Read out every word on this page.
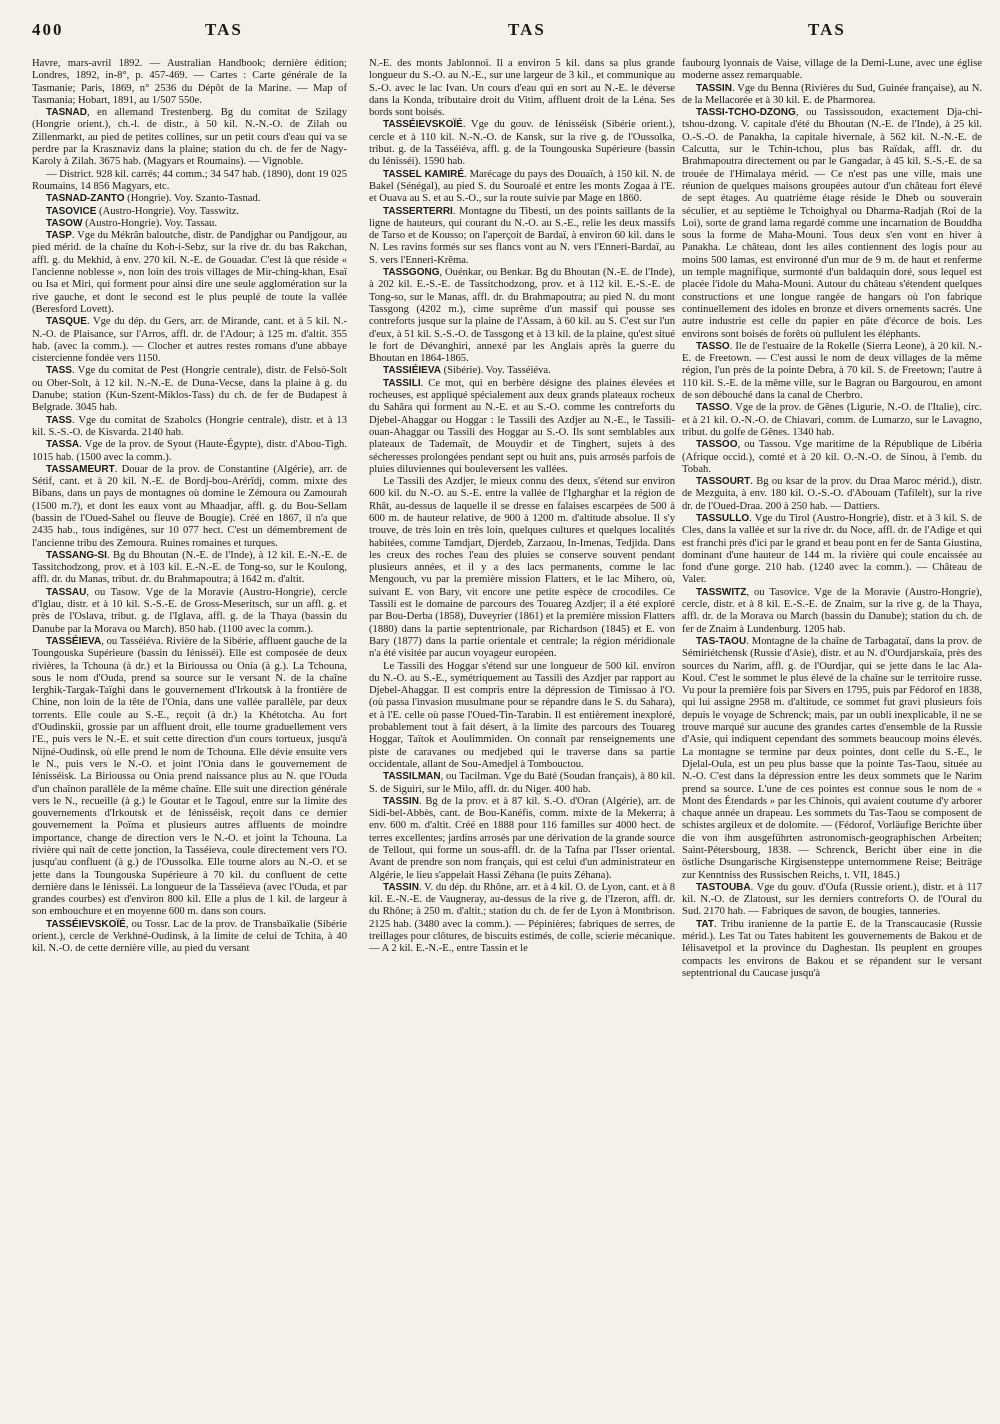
400	TAS	TAS	TAS

Havre, mars-avril 1892. — Australian Handbook; dernière édition; Londres, 1892, in-8°, p. 457-469. — Cartes : Carte générale de la Tasmanie; Paris, 1869, n° 2536 du Dépôt de la Marine. — Map of Tasmania; Hobart, 1891, au 1/507 550e.

TASNAD, en allemand Trestenberg. Bg du comitat de Szilagy (Hongrie orient.), ch.-l. de distr., à 50 kil. N.-N.-O. de Zilah ou Zillenmarkt, au pied de petites collines, sur un petit cours d'eau qui va se perdre par la Krasznaviz dans la plaine; station du ch. de fer de Nagy-Karoly à Zilah. 3675 hab. (Magyars et Roumains). — Vignoble.

— District. 928 kil. carrés; 44 comm.; 34 547 hab. (1890), dont 19 025 Roumains, 14 856 Magyars, etc.

TASNAD-ZANTO (Hongrie). Voy. Szanto-Tasnad.

TASOVICE (Austro-Hongrie). Voy. Tasswitz.

TASOW (Austro-Hongrie). Voy. Tassau.

TASP. Vge du Mékrân baloutche, distr. de Pandjghar ou Pandjgour, au pied mérid. de la chaîne du Koh-i-Sebz, sur la rive dr. du bas Rakchan, affl. g. du Mekhid, à env. 270 kil. N.-E. de Gouadar. C'est là que réside « l'ancienne noblesse », non loin des trois villages de Mir-ching-khan, Esaï ou Isa et Miri, qui forment pour ainsi dire une seule agglomération sur la rive gauche, et dont le second est le plus peuplé de toute la vallée (Beresford Lovett).

TASQUE. Vge du dép. du Gers, arr. de Mirande, cant. et à 5 kil. N.-N.-O. de Plaisance, sur l'Arros, affl. dr. de l'Adour; à 125 m. d'altit. 355 hab. (avec la comm.). — Clocher et autres restes romans d'une abbaye cistercienne fondée vers 1150.

TASS. Vge du comitat de Pest (Hongrie centrale), distr. de Felsö-Solt ou Ober-Solt, à 12 kil. N.-N.-E. de Duna-Vecse, dans la plaine à g. du Danube; station (Kun-Szent-Miklos-Tass) du ch. de fer de Budapest à Belgrade. 3045 hab.

TASS. Vge du comitat de Szabolcs (Hongrie centrale), distr. et à 13 kil. S.-S.-O. de Kisvarda. 2140 hab.

TASSA. Vge de la prov. de Syout (Haute-Égypte), distr. d'Abou-Tigh. 1015 hab. (1500 avec la comm.).

TASSAMEURT. Douar de la prov. de Constantine (Algérie), arr. de Sétif, cant. et à 20 kil. N.-E. de Bordj-bou-Arérîdj, comm. mixte des Bibans, dans un pays de montagnes où domine le Zémoura ou Zamourah (1500 m.?), et dont les eaux vont au Mhaadjar, affl. g. du Bou-Sellam (bassin de l'Oued-Sahel ou fleuve de Bougie). Créé en 1867, il n'a que 2435 hab., tous indigènes, sur 10 077 hect. C'est un démembrement de l'ancienne tribu des Zemoura. Ruines romaines et turques.

TASSANG-SI. Bg du Bhoutan (N.-E. de l'Inde), à 12 kil. E.-N.-E. de Tassitchodzong, prov. et à 103 kil. E.-N.-E. de Tong-so, sur le Koulong, affl. dr. du Manas, tribut. dr. du Brahmapoutra; à 1642 m. d'altit.

TASSAU, ou Tasow. Vge de la Moravie (Austro-Hongrie), cercle d'Iglau, distr. et à 10 kil. S.-S.-E. de Gross-Meseritsch, sur un affl. g. et près de l'Oslava, tribut. g. de l'Iglava, affl. g. de la Thaya (bassin du Danube par la Morava ou March). 850 hab. (1100 avec la comm.).

TASSÉIEVA, ou Tasséiéva. Rivière de la Sibérie, affluent gauche de la Toungouska Supérieure (bassin du Iénisséi). Elle est composée de deux rivières, la Tchouna (à dr.) et la Birioussa ou Onia (à g.). La Tchouna, sous le nom d'Ouda, prend sa source sur le versant N. de la chaîne Ierghik-Targak-Taïghi dans le gouvernement d'Irkoutsk à la frontière de Chine, non loin de la tête de l'Onia, dans une vallée parallèle, par deux torrents. Elle coule au S.-E., reçoit (à dr.) la Khétotcha. Au fort d'Oudinskii, grossie par un affluent droit, elle tourne graduellement vers l'E., puis vers le N.-E. et suit cette direction d'un cours tortueux, jusqu'à Nijné-Oudinsk, où elle prend le nom de Tchouna. Elle dévie ensuite vers le N., puis vers le N.-O. et joint l'Onia dans le gouvernement de Iénisséisk. La Birioussa ou Onia prend naissance plus au N. que l'Ouda d'un chaînon parallèle de la même chaîne. Elle suit une direction générale vers le N., recueille (à g.) le Goutar et le Tagoul, entre sur la limite des gouvernements d'Irkoutsk et de Iénisséisk, reçoit dans ce dernier gouvernement la Poïma et plusieurs autres affluents de moindre importance, change de direction vers le N.-O. et joint la Tchouna. La rivière qui naît de cette jonction, la Tasséieva, coule directement vers l'O. jusqu'au confluent (à g.) de l'Oussolka. Elle tourne alors au N.-O. et se jette dans la Toungouska Supérieure à 70 kil. du confluent de cette dernière dans le Iénisséi. La longueur de la Tasséieva (avec l'Ouda, et par grandes courbes) est d'environ 800 kil. Elle a plus de 1 kil. de largeur à son embouchure et en moyenne 600 m. dans son cours.

TASSÉIEVSKOÏÉ, ou Tossr. Lac de la prov. de Transbaïkalie (Sibérie orient.), cercle de Verkhné-Oudinsk, à la limite de celui de Tchita, à 40 kil. N.-O. de cette dernière ville, au pied du versant

N.-E. des monts Jablonnoï. Il a environ 5 kil. dans sa plus grande longueur du S.-O. au N.-E., sur une largeur de 3 kil., et communique au S.-O. avec le lac Ivan. Un cours d'eau qui en sort au N.-E. le déverse dans la Konda, tributaire droit du Vitim, affluent droit de la Léna. Ses bords sont boisés.

TASSÉIEVSKOÏÉ. Vge du gouv. de Iénisséisk (Sibérie orient.), cercle et à 110 kil. N.-N.-O. de Kansk, sur la rive g. de l'Oussolka, tribut. g. de la Tasséiéva, affl. g. de la Toungouska Supérieure (bassin du Iénisséi). 1590 hab.

TASSEL KAMIRÉ. Marécage du pays des Douaïch, à 150 kil. N. de Bakel (Sénégal), au pied S. du Souroalé et entre les monts Zogaa à l'E. et Ouava au S. et au S.-O., sur la route suivie par Mage en 1860.

TASSERTERRI. Montagne du Tibesti, un des points saillants de la ligne de hauteurs, qui courant du N.-O. au S.-E., relie les deux massifs de Tarso et de Kousso; on l'aperçoit de Bardaï, à environ 60 kil. dans le N. Les ravins formés sur ses flancs vont au N. vers l'Enneri-Bardaï, au S. vers l'Enneri-Krêma.

TASSGONG, Ouénkar, ou Benkar. Bg du Bhoutan (N.-E. de l'Inde), à 202 kil. E.-S.-E. de Tassitchodzong, prov. et à 112 kil. E.-S.-E. de Tong-so, sur le Manas, affl. dr. du Brahmapoutra; au pied N. du mont Tassgong (4202 m.), cime suprême d'un massif qui pousse ses contreforts jusque sur la plaine de l'Assam, à 60 kil. au S. C'est sur l'un d'eux, à 51 kil. S.-S.-O. de Tassgong et à 13 kil. de la plaine, qu'est situé le fort de Dévanghiri, annexé par les Anglais après la guerre du Bhoutan en 1864-1865.

TASSIÉIEVA (Sibérie). Voy. Tasséiéva.

TASSILI. Ce mot, qui en berbère désigne des plaines élevées et rocheuses, est appliqué spécialement aux deux grands plateaux rocheux du Sahâra qui forment au N.-E. et au S.-O. comme les contreforts du Djebel-Ahaggar ou Hoggar : le Tassili des Azdjer au N.-E., le Tassili-ouan-Ahaggar ou Tassili des Hoggar au S.-O. Ils sont semblables aux plateaux de Tademaït, de Mouydir et de Tinghert, sujets à des sécheresses prolongées pendant sept ou huit ans, puis arrosés parfois de pluies diluviennes qui bouleversent les vallées.

Le Tassili des Azdjer, le mieux connu des deux, s'étend sur environ 600 kil. du N.-O. au S.-E. entre la vallée de l'Igharghar et la région de Rhât, au-dessus de laquelle il se dresse en falaises escarpées de 500 à 600 m. de hauteur relative, de 900 à 1200 m. d'altitude absolue. Il s'y trouve, de très loin en très loin, quelques cultures et quelques localités habitées, comme Tamdjart, Djerdeb, Zarzaou, In-Imenas, Tedjida. Dans les creux des roches l'eau des pluies se conserve souvent pendant plusieurs années, et il y a des lacs permanents, comme le lac Mengouch, vu par la première mission Flatters, et le lac Mihero, où, suivant E. von Bary, vit encore une petite espèce de crocodiles. Ce Tassili est le domaine de parcours des Touareg Azdjer; il a été exploré par Bou-Derba (1858), Duveyrier (1861) et la première mission Flatters (1880) dans la partie septentrionale, par Richardson (1845) et E. von Bary (1877) dans la partie orientale et centrale; la région méridionale n'a été visitée par aucun voyageur européen.

Le Tassili des Hoggar s'étend sur une longueur de 500 kil. environ du N.-O. au S.-E., symétriquement au Tassili des Azdjer par rapport au Djebel-Ahaggar. Il est compris entre la dépression de Timissao à l'O. (où passa l'invasion musulmane pour se répandre dans le S. du Sahara), et à l'E. celle où passe l'Oued-Tin-Tarabin. Il est entièrement inexploré, probablement tout à fait désert, à la limite des parcours des Touareg Hoggar, Taïtok et Aoulimmiden. On connaît par renseignements une piste de caravanes ou medjebed qui le traverse dans sa partie occidentale, allant de Sou-Amedjel à Tombouctou.

TASSILMAN, ou Tacilman. Vge du Baté (Soudan français), à 80 kil. S. de Siguiri, sur le Milo, affl. dr. du Niger. 400 hab.

TASSIN. Bg de la prov. et à 87 kil. S.-O. d'Oran (Algérie), arr. de Sidi-bel-Abbès, cant. de Bou-Kanéfis, comm. mixte de la Mekerra; à env. 600 m. d'altit. Créé en 1888 pour 116 familles sur 4000 hect. de terres excellentes; jardins arrosés par une dérivation de la grande source de Tellout, qui forme un sous-affl. dr. de la Tafna par l'Isser oriental. Avant de prendre son nom français, qui est celui d'un administrateur en Algérie, le lieu s'appelait Hassi Zéhana (le puits Zéhana).

TASSIN. V. du dép. du Rhône, arr. et à 4 kil. O. de Lyon, cant. et à 8 kil. E.-N.-E. de Vaugneray, au-dessus de la rive g. de l'Izeron, affl. dr. du Rhône; à 250 m. d'altit.; station du ch. de fer de Lyon à Montbrison. 2125 hab. (3480 avec la comm.). — Pépinières; fabriques de serres, de treillages pour clôtures, de biscuits estimés, de colle, scierie mécanique. — A 2 kil. E.-N.-E., entre Tassin et le

faubourg lyonnais de Vaise, village de la Demi-Lune, avec une église moderne assez remarquable.

TASSIN. Vge du Benna (Rivières du Sud, Guinée française), au N. de la Mellacorée et à 30 kil. E. de Pharmorea.

TASSI-TCHO-DZONG, ou Tassissoudon, exactement Dja-chi-tshou-dzong. V. capitale d'été du Bhoutan (N.-E. de l'Inde), à 25 kil. O.-S.-O. de Panakha, la capitale hivernale, à 562 kil. N.-N.-E. de Calcutta, sur le Tchin-tchou, plus bas Raïdak, affl. dr. du Brahmapoutra directement ou par le Gangadar, à 45 kil. S.-S.-E. de sa trouée de l'Himalaya mérid. — Ce n'est pas une ville, mais une réunion de quelques maisons groupées autour d'un château fort élevé de sept étages. Au quatrième étage réside le Dheb ou souverain séculier, et au septième le Tchoighyal ou Dharma-Radjah (Roi de la Loi), sorte de grand lama regardé comme une incarnation de Bouddha sous la forme de Maha-Mouni. Tous deux s'en vont en hiver à Panakha. Le château, dont les ailes contiennent des logis pour au moins 500 lamas, est environné d'un mur de 9 m. de haut et renferme un temple magnifique, surmonté d'un baldaquin doré, sous lequel est placée l'idole du Maha-Mouni. Autour du château s'étendent quelques constructions et une longue rangée de hangars où l'on fabrique continuellement des idoles en bronze et divers ornements sacrés. Une autre industrie est celle du papier en pâte d'écorce de bois. Les environs sont boisés de forêts où pullulent les éléphants.

TASSO. Ile de l'estuaire de la Rokelle (Sierra Leone), à 20 kil. N.-E. de Freetown. — C'est aussi le nom de deux villages de la même région, l'un près de la pointe Debra, à 70 kil. S. de Freetown; l'autre à 110 kil. S.-E. de la même ville, sur le Bagran ou Bargourou, en amont de son débouché dans la canal de Cherbro.

TASSO. Vge de la prov. de Gênes (Ligurie, N.-O. de l'Italie), circ. et à 21 kil. O.-N.-O. de Chiavari, comm. de Lumarzo, sur le Lavagno, tribut. du golfe de Gênes. 1340 hab.

TASSOO, ou Tassou. Vge maritime de la République de Libéria (Afrique occid.), comté et à 20 kil. O.-N.-O. de Sinou, à l'emb. du Tobah.

TASSOURT. Bg ou ksar de la prov. du Draa Maroc mérid.), distr. de Mezguita, à env. 180 kil. O.-S.-O. d'Abouam (Tafilelt), sur la rive dr. de l'Oued-Draa. 200 à 250 hab. — Dattiers.

TASSULLO. Vge du Tirol (Austro-Hongrie), distr. et à 3 kil. S. de Cles, dans la vallée et sur la rive dr. du Noce, affl. dr. de l'Adige et qui est franchi près d'ici par le grand et beau pont en fer de Santa Giustina, dominant d'une hauteur de 144 m. la rivière qui coule encaissée au fond d'une gorge. 210 hab. (1240 avec la comm.). — Château de Valer.

TASSWITZ, ou Tasovice. Vge de la Moravie (Austro-Hongrie), cercle, distr. et à 8 kil. E.-S.-E. de Znaim, sur la rive g. de la Thaya, affl. dr. de la Morava ou March (bassin du Danube); station du ch. de fer de Znaim à Lundenburg. 1205 hab.

TAS-TAOU. Montagne de la chaîne de Tarbagataï, dans la prov. de Sémiriétchensk (Russie d'Asie), distr. et au N. d'Ourdjarskaïa, près des sources du Narim, affl. g. de l'Ourdjar, qui se jette dans le lac Ala-Koul. C'est le sommet le plus élevé de la chaîne sur le territoire russe. Vu pour la première fois par Sivers en 1795, puis par Fédorof en 1838, qui lui assigne 2958 m. d'altitude, ce sommet fut gravi plusieurs fois depuis le voyage de Schrenck; mais, par un oubli inexplicable, il ne se trouve marqué sur aucune des grandes cartes d'ensemble de la Russie d'Asie, qui indiquent cependant des sommets beaucoup moins élevés. La montagne se termine par deux pointes, dont celle du S.-E., le Djelal-Oula, est un peu plus basse que la pointe Tas-Taou, située au N.-O. C'est dans la dépression entre les deux sommets que le Narim prend sa source. L'une de ces pointes est connue sous le nom de « Mont des Étendards » par les Chinois, qui avaient coutume d'y arborer chaque année un drapeau. Les sommets du Tas-Taou se composent de schistes argileux et de dolomite. — (Fédorof, Vorläufige Berichte über die von ihm ausgeführten astronomisch-geographischen Arbeiten; Saint-Pétersbourg, 1838. — Schrenck, Bericht über eine in die östliche Dsungarische Kirgisensteppe unternommene Reise; Beiträge zur Kenntniss des Russischen Reichs, t. VII, 1845.)

TASTOUBA. Vge du gouv. d'Oufa (Russie orient.), distr. et à 117 kil. N.-O. de Zlatoust, sur les derniers contreforts O. de l'Oural du Sud. 2170 hab. — Fabriques de savon, de bougies, tanneries.

TAT. Tribu iranienne de la partie E. de la Transcaucasie (Russie mérid.). Les Tat ou Tates habitent les gouvernements de Bakou et de Iélisavetpol et la province du Daghestan. Ils peuplent en groupes compacts les environs de Bakou et se répandent sur le versant septentrional du Caucase jusqu'à
